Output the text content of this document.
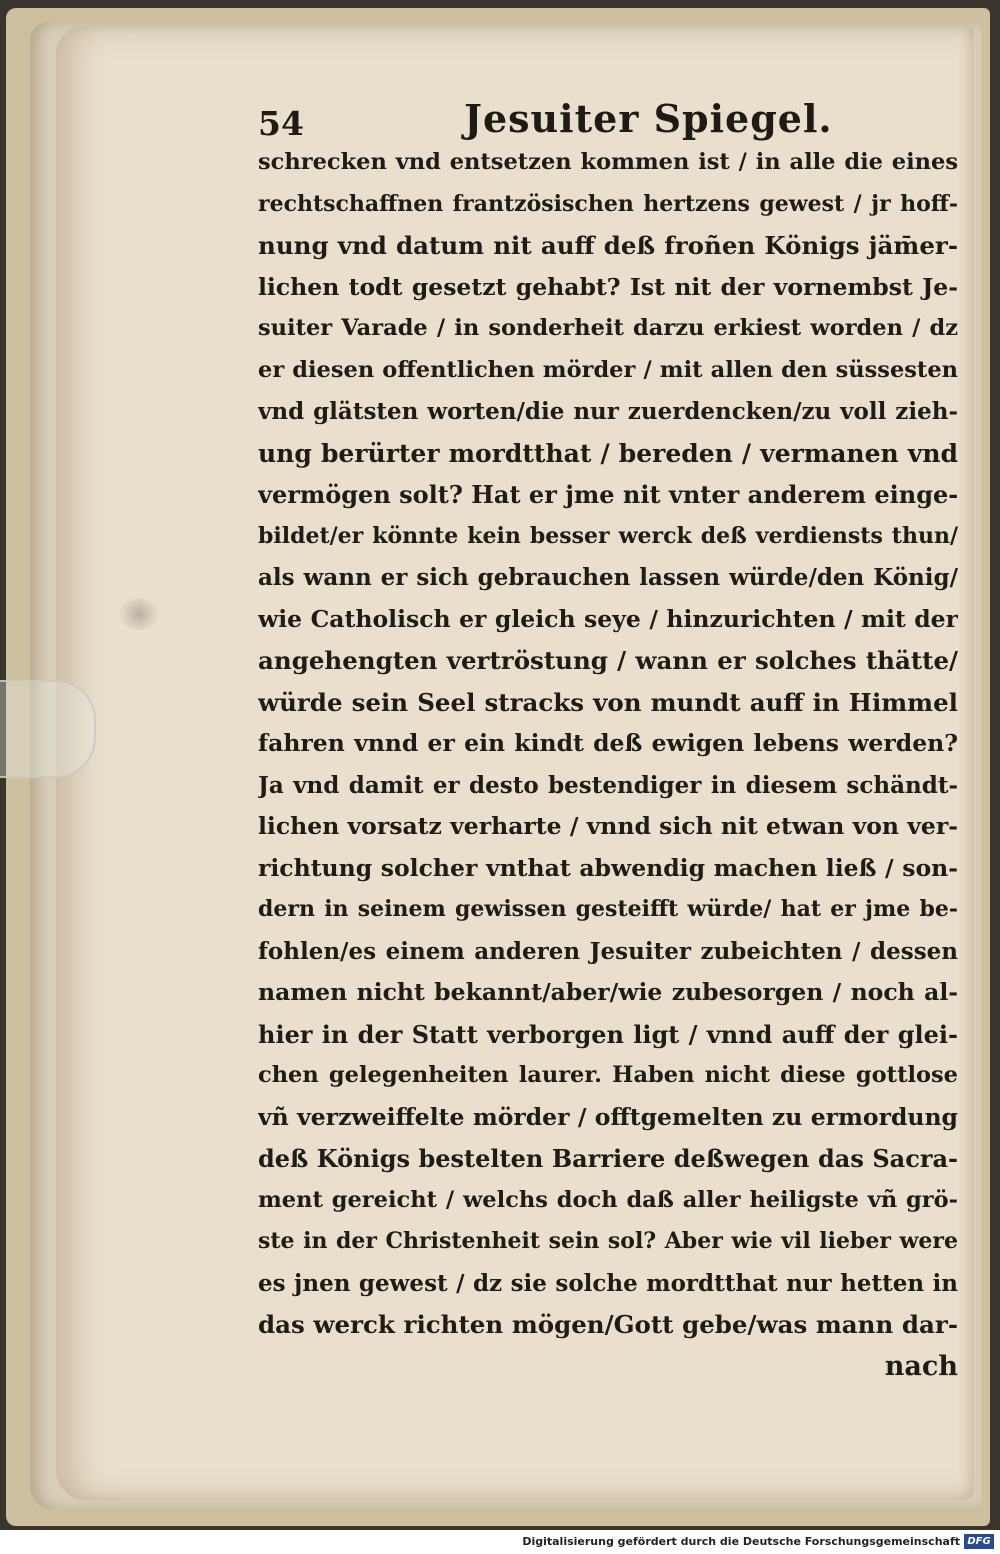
54	Jesuiter Spiegel.
schrecken vnd entsetzen kommen ist / in alle die eines
rechtschaffnen frantzösischen hertzens gewest / jr hoff-
nung vnd datum nit auff deß froñen Königs jäm̄er-
lichen todt gesetzt gehabt? Ist nit der vornembst Je-
suiter Varade / in sonderheit darzu erkiest worden / dz
er diesen offentlichen mörder / mit allen den süssesten
vnd glätsten worten/die nur zuerdencken/zu voll zieh-
ung berürter mordtthat / bereden / vermanen vnd
vermögen solt? Hat er jme nit vnter anderem einge-
bildet/er könnte kein besser werck deß verdiensts thun/
als wann er sich gebrauchen lassen würde/den König/
wie Catholisch er gleich seye / hinzurichten / mit der
angehengten vertröstung / wann er solches thätte/
würde sein Seel stracks von mundt auff in Himmel
fahren vnnd er ein kindt deß ewigen lebens werden?
Ja vnd damit er desto bestendiger in diesem schändt-
lichen vorsatz verharte / vnnd sich nit etwan von ver-
richtung solcher vnthat abwendig machen ließ / son-
dern in seinem gewissen gesteifft würde/ hat er jme be-
fohlen/es einem anderen Jesuiter zubeichten / dessen
namen nicht bekannt/aber/wie zubesorgen / noch al-
hier in der Statt verborgen ligt / vnnd auff der glei-
chen gelegenheiten laurer. Haben nicht diese gottlose
vñ verzweiffelte mörder / offtgemelten zu ermordung
deß Königs bestelten Barriere deßwegen das Sacra-
ment gereicht / welchs doch daß aller heiligste vñ grö-
ste in der Christenheit sein sol? Aber wie vil lieber were
es jnen gewest / dz sie solche mordtthat nur hetten in
das werck richten mögen/Gott gebe/was mann dar-
nach
Digitalisierung gefördert durch die Deutsche Forschungsgemeinschaft DFG
